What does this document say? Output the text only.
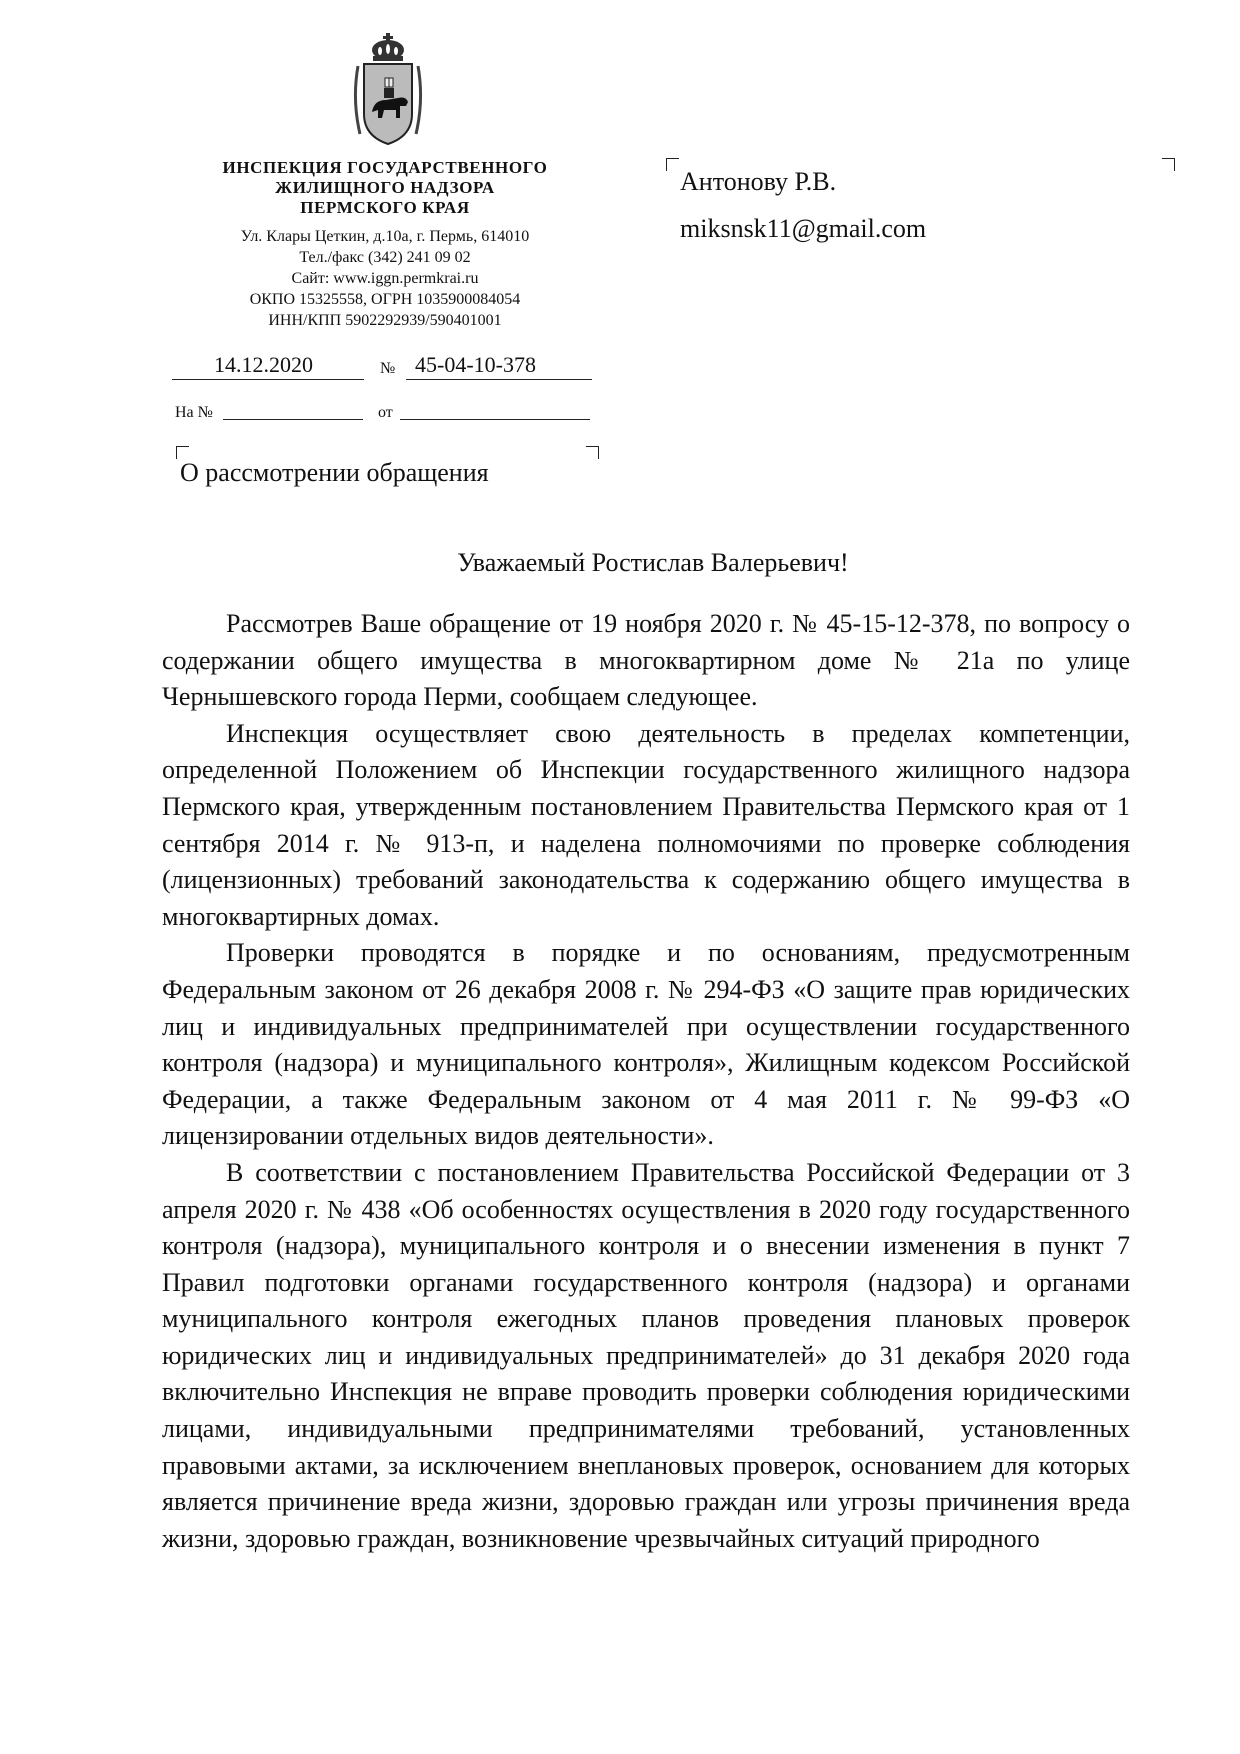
ИНСПЕКЦИЯ ГОСУДАРСТВЕННОГО
ЖИЛИЩНОГО НАДЗОРА
ПЕРМСКОГО КРАЯ
Ул. Клары Цеткин, д.10а, г. Пермь, 614010
Тел./факс (342) 241 09 02
Сайт: www.iggn.permkrai.ru
ОКПО 15325558, ОГРН 1035900084054
ИНН/КПП 5902292939/590401001
14.12.2020	№ 45-04-10-378
На №	от
О рассмотрении обращения
Антонову Р.В.
miksnsk11@gmail.com
Уважаемый Ростислав Валерьевич!

Рассмотрев Ваше обращение от 19 ноября 2020 г. № 45-15-12-378, по вопросу о содержании общего имущества в многоквартирном доме № 21а по улице Чернышевского города Перми, сообщаем следующее.

Инспекция осуществляет свою деятельность в пределах компетенции, определенной Положением об Инспекции государственного жилищного надзора Пермского края, утвержденным постановлением Правительства Пермского края от 1 сентября 2014 г. № 913-п, и наделена полномочиями по проверке соблюдения (лицензионных) требований законодательства к содержанию общего имущества в многоквартирных домах.

Проверки проводятся в порядке и по основаниям, предусмотренным Федеральным законом от 26 декабря 2008 г. № 294-ФЗ «О защите прав юридических лиц и индивидуальных предпринимателей при осуществлении государственного контроля (надзора) и муниципального контроля», Жилищным кодексом Российской Федерации, а также Федеральным законом от 4 мая 2011 г. № 99-ФЗ «О лицензировании отдельных видов деятельности».

В соответствии с постановлением Правительства Российской Федерации от 3 апреля 2020 г. № 438 «Об особенностях осуществления в 2020 году государственного контроля (надзора), муниципального контроля и о внесении изменения в пункт 7 Правил подготовки органами государственного контроля (надзора) и органами муниципального контроля ежегодных планов проведения плановых проверок юридических лиц и индивидуальных предпринимателей» до 31 декабря 2020 года включительно Инспекция не вправе проводить проверки соблюдения юридическими лицами, индивидуальными предпринимателями требований, установленных правовыми актами, за исключением внеплановых проверок, основанием для которых является причинение вреда жизни, здоровью граждан или угрозы причинения вреда жизни, здоровью граждан, возникновение чрезвычайных ситуаций природного
